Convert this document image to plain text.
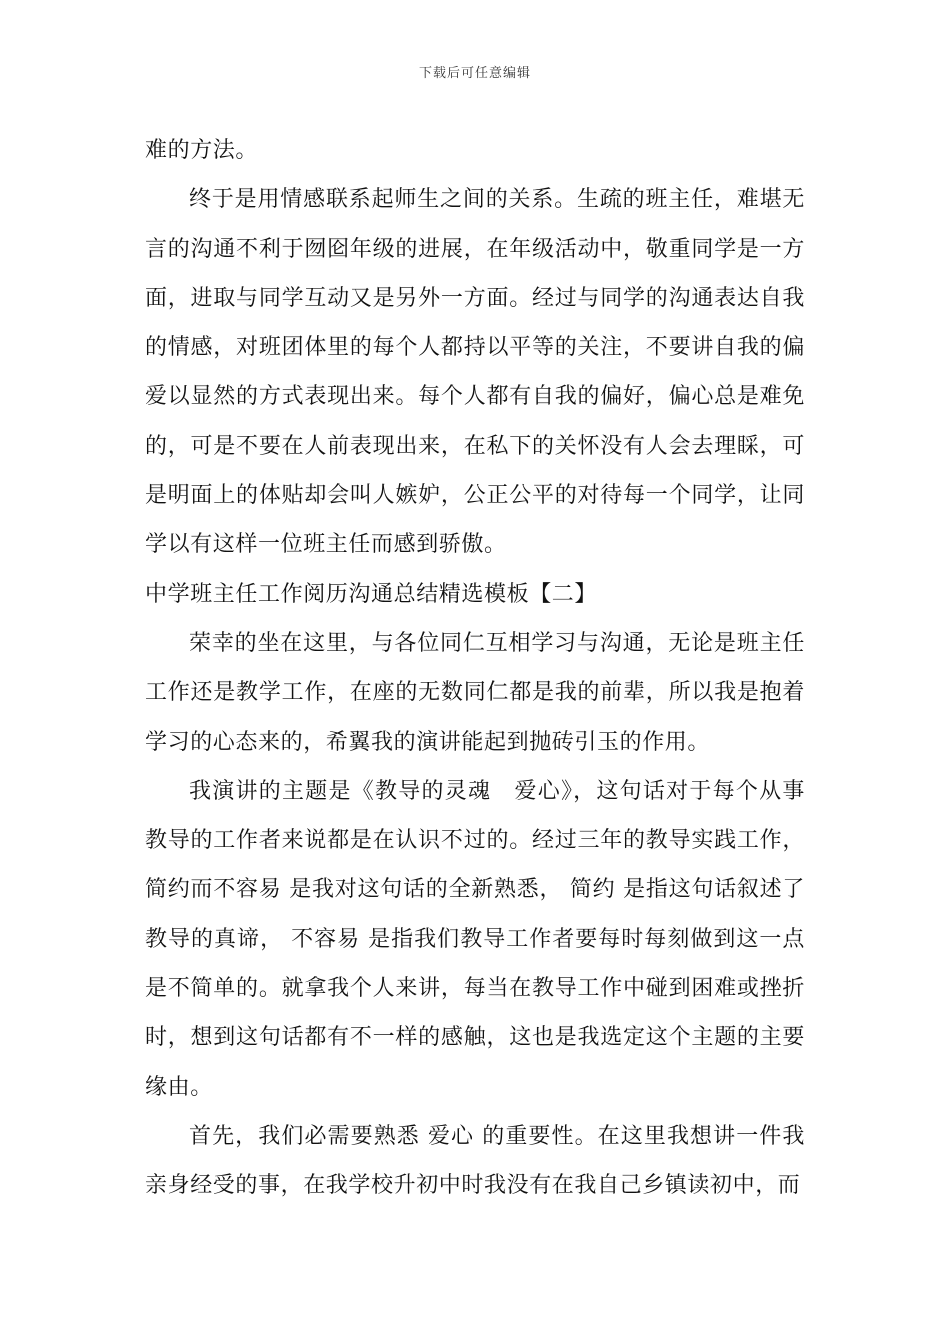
下载后可任意编辑

难的方法。

终于是用情感联系起师生之间的关系。生疏的班主任，难堪无言的沟通不利于囫囵年级的进展，在年级活动中，敬重同学是一方面，进取与同学互动又是另外一方面。经过与同学的沟通表达自我的情感，对班团体里的每个人都持以平等的关注，不要讲自我的偏爱以显然的方式表现出来。每个人都有自我的偏好，偏心总是难免的，可是不要在人前表现出来，在私下的关怀没有人会去理睬，可是明面上的体贴却会叫人嫉妒，公正公平的对待每一个同学，让同学以有这样一位班主任而感到骄傲。

中学班主任工作阅历沟通总结精选模板【二】

荣幸的坐在这里，与各位同仁互相学习与沟通，无论是班主任工作还是教学工作，在座的无数同仁都是我的前辈，所以我是抱着学习的心态来的，希翼我的演讲能起到抛砖引玉的作用。

我演讲的主题是《教导的灵魂　爱心》，这句话对于每个从事教导的工作者来说都是在认识不过的。经过三年的教导实践工作，简约而不容易 是我对这句话的全新熟悉， 简约 是指这句话叙述了教导的真谛， 不容易 是指我们教导工作者要每时每刻做到这一点是不简单的。就拿我个人来讲，每当在教导工作中碰到困难或挫折时，想到这句话都有不一样的感触，这也是我选定这个主题的主要缘由。

首先，我们必需要熟悉 爱心 的重要性。在这里我想讲一件我亲身经受的事，在我学校升初中时我没有在我自己乡镇读初中，而
